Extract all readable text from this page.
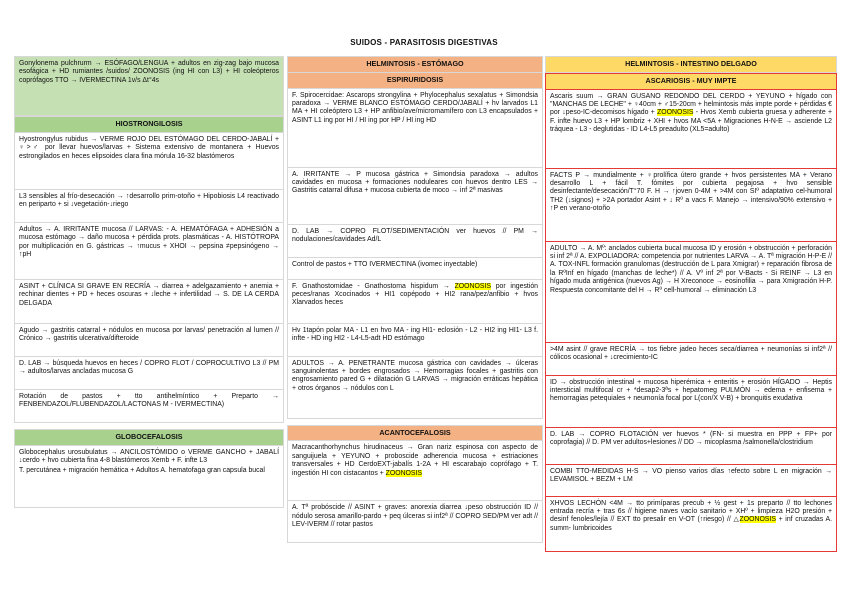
SUIDOS - PARASITOSIS DIGESTIVAS

Gonylonema pulchrurm → ESÓFAGO/LENGUA + adultos en zig-zag bajo mucosa esofágica + HD rumiantes /suidos/ ZOONOSIS (ing HI con L3) + HI coleópteros coprófagos TTO → IVERMECTINA 1v/s Δt°4s

HIOSTRONGILOSIS

Hyostrongylus rubidus → VERME ROJO DEL ESTÓMAGO DEL CERDO-JABALÍ + ♀>♂ por llevar huevos/larvas + Sistema extensivo de montanera + Huevos estrongilados en heces elipsoides clara fina mórula 16-32 blastómeros

L3 sensibles al frío-desecación → ↑desarrollo prim-otoño + Hipobiosis L4 reactivado en periparto + si ↓vegetación-↓riego

Adultos → A. IRRITANTE mucosa // LARVAS: - A. HEMATÓFAGA + ADHESIÓN a mucosa estómago → daño mucosa + pérdida prots. plasmáticas - A. HISTÓTROPA por multiplicación en G. gástricas → ↑mucus + XHOI → pepsina ≠pepsinógeno → ↑pH

ASINT + CLÍNICA SI GRAVE EN RECRÍA → diarrea + adelgazamiento + anemia + rechinar dientes + PD + heces oscuras + ↓leche + infertilidad → S. DE LA CERDA DELGADA

Agudo → gastritis catarral + nódulos en mucosa por larvas/ penetración al lumen // Crónico → gastritis ulcerativa/difteroide

D. LAB → búsqueda huevos en heces / COPRO FLOT / COPROCULTIVO L3 // PM → adultos/larvas ancladas mucosa G

Rotación de pastos + tto antihelmíntico + Preparto → FENBENDAZOL/FLUBENDAZOL/LACTONAS M - IVERMECTINA)

GLOBOCEFALOSIS

Globocephalus urosubulatus → ANCILOSTÓMIDO o VERME GANCHO + JABALÍ ↓cerdo + hvo cubierta fina 4-8 blastómeros Xemb + F. infte L3

T. percutánea + migración hemática + Adultos A. hematofaga gran capsula bucal

HELMINTOSIS - ESTÓMAGO
ESPIRURIDOSIS

F. Spirocercidae: Ascarops strongylina + Phylocephalus sexalatus + Simondsia paradoxa → VERME BLANCO ESTÓMAGO CERDO/JABALÍ + hv larvados L1 MA + HI coleóptero L3 + HP anfibio/ave/micromamífero con L3 encapsulados + ASINT L1 ing por HI / HI ing por HP / HI ing HD

A. IRRITANTE → P mucosa gástrica + Simondsia paradoxa → adultos cavidades en mucosa + formaciones noduleares con huevos dentro LES → Gastritis catarral difusa + mucosa cubierta de moco → inf 2ª masivas

D. LAB → COPRO FLOT/SEDIMENTACIÓN ver huevos // PM → nodulaciones/cavidades Ad/L

Control de pastos + TTO IVERMECTINA (ivomec inyectable)

F. Gnathostomidae - Gnathostoma hispidum → ZOONOSIS por ingestión peces/ranas Xcocinados + HI1 copépodo + HI2 rana/pez/anfibio + hvos Xlarvados heces

Hv 1tapón polar MA - L1 en hvo MA - ing HI1- eclosión - L2 - HI2 ing HI1- L3 f. infte - HD ing HI2 - L4-L5-adt HD estómago

ADULTOS → A. PENETRANTE mucosa gástrica con cavidades → úlceras sanguinolentas + bordes engrosados → Hemorragias focales + gastritis con engrosamiento pared G + dilatación G LARVAS → migración erráticas hepática + otros órganos → nódulos con L

ACANTOCEFALOSIS

Macracanthorhynchus hirudinaceus → Gran nariz espinosa con aspecto de sanguijuela + YEYUNO + proboscide adherencia mucosa + estriaciones transversales + HD CerdoEXT-jabalís 1-2A + HI escarabajo coprófago + T. ingestión HI con cistacantos + ZOONOSIS

A. Tª probóscide // ASINT + graves: anorexia diarrea ↓peso obstrucción ID // nódulo serosa amarillo-pardo + peq úlceras si inf2ª // COPRO SED/PM ver adt // LEV-IVERM // rotar pastos

HELMINTOSIS - INTESTINO DELGADO
ASCARIOSIS - MUY IMPTE

Ascaris suum → GRAN GUSANO REDONDO DEL CERDO + YEYUNO + hígado con "MANCHAS DE LECHE" + ♀40cm + ♂15-20cm + helmintosis más impte porde + pérdidas € por ↓peso-IC-decomisos hígado + ZOONOSIS - Hvos Xemb cubierta gruesa y adherente + F. infte huevo L3 + HP lombriz + XHI + hvos MA <5A + Migraciones H-N-E → asciende L2 tráquea - L3 - deglutidas - ID L4-L5 preadulto (XL5=adulto)

FACTS P → mundialmente + ♀prolífica útero grande + hvos persistentes MA + Verano desarrollo L + fácil T. fómites por cubierta pegajosa + hvo sensible desinfectante/desecación/T°70 F. H → ↑joven 0-4M + >4M con SIº adaptativo cel-humoral TH2 (↓signos) + >2A portador Asint + ↓ Rº a vacs F. Manejo → intensivo/90% extensivo + ↑P en verano-otoño

ADULTO → A. Mº: anclados cubierta bucal mucosa ID y erosión + obstrucción + perforación si inf 2ª // A. EXPOLIADORA: competencia por nutrientes LARVA → A. Tª migración H-P-E // A. TOX-INFL formación granulomas (destrucción de L para Xmigrar) + reparación fibrosa de la RºInf en hígado (manchas de leche*) // A. Vº inf 2ª por V-Bacts - Si REINF → L3 en hígado muda antigénica (nuevos Ag) → H Xreconoce → eosinofilia → para Xmigración H-P. Respuesta concomitante del H → Rº cell-humoral → eliminación L3

>4M asint // grave RECRÍA → tos fiebre jadeo heces seca/diarrea + neumonías si inf2ª // cólicos ocasional + ↓crecimiento-IC

ID → obstrucción intestinal + mucosa hiperémica + enteritis + erosión HÍGADO → Heptis intersticial multifocal cr + *desap2-3ªs + hepatomeg PULMÓN → edema + enfisema + hemorragias petequiales + neumonía focal por L(con/X V-B) + bronquitis exudativa

D. LAB → COPRO FLOTACIÓN ver huevos * (FN- si muestra en PPP + FP+ por coprofagia) // D. PM ver adultos+lesiones // DD → micoplasma /salmonella/clostridium

COMBI TTO-MEDIDAS H-S → VO pienso varios días ↑efecto sobre L en migración → LEVAMISOL + BEZM + LM

XHVOS LECHÓN <4M → tto primíparas precub + ½ gest + 1s preparto // tto lechones entrada recría + tras 6s // higiene naves vacío sanitario + XHº + limpieza H2O presión + desinf fenoles/lejía // EXT tto presalir en V-OT (↑riesgo) // △ZOONOSIS + inf cruzadas A. summ- lumbricoides
